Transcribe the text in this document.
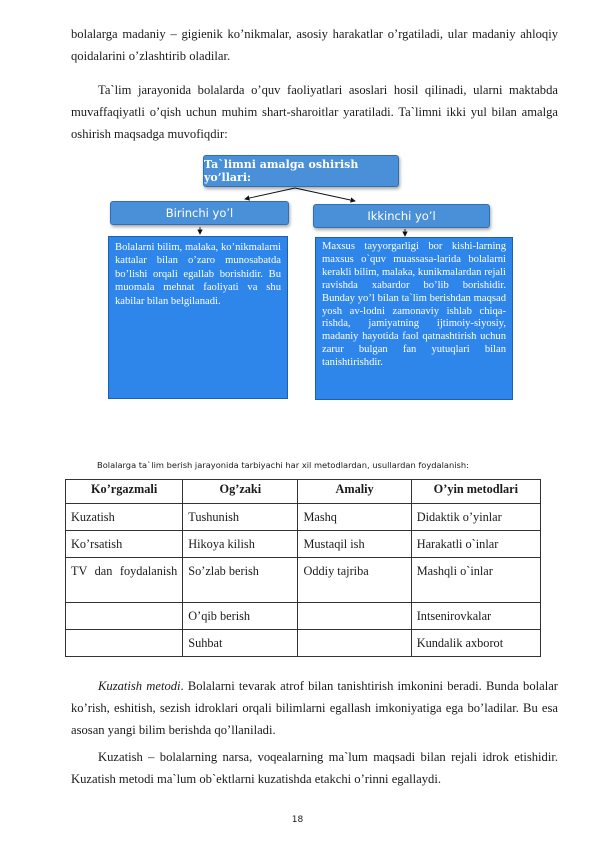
bolalarga madaniy – gigienik ko’nikmalar, asosiy harakatlar o’rgatiladi, ular madaniy ahloqiy qoidalarini o’zlashtirib oladilar.

Ta`lim jarayonida bolalarda o’quv faoliyatlari asoslari hosil qilinadi, ularni maktabda muvaffaqiyatli o’qish uchun muhim shart-sharoitlar yaratiladi. Ta`limni ikki yul bilan amalga oshirish maqsadga muvofiqdir:

Ta`limni amalga oshirish yo’llari:
Birinchi yo’l	Ikkinchi yo’l
Bolalarni bilim, malaka, ko’nikmalarni kattalar bilan o’zaro munosabatda bo’lishi orqali egallab borishidir. Bu muomala mehnat faoliyati va shu kabilar bilan belgilanadi.
Maxsus tayyorgarligi bor kishi-larning maxsus o`quv muassasa-larida bolalarni kerakli bilim, malaka, kunikmalardan rejali ravishda xabardor bo’lib borishidir. Bunday yo’l bilan ta`lim berishdan maqsad yosh av-lodni zamonaviy ishlab chiqa-rishda, jamiyatning ijtimoiy-siyosiy, madaniy hayotida faol qatnashtirish uchun zarur bulgan fan yutuqlari bilan tanishtirishdir.
Bolalarga ta`lim berish jarayonida tarbiyachi har xil metodlardan, usullardan foydalanish:
Ko’rgazmali	Og’zaki	Amaliy	O’yin metodlari
Kuzatish	Tushunish	Mashq	Didaktik o’yinlar
Ko’rsatish	Hikoya kilish	Mustaqil ish	Harakatli o`inlar
TV dan foydalanish	So’zlab berish	Oddiy tajriba	Mashqli o`inlar
	O’qib berish		Intsenirovkalar
	Suhbat		Kundalik axborot

Kuzatish metodi. Bolalarni tevarak atrof bilan tanishtirish imkonini beradi. Bunda bolalar ko’rish, eshitish, sezish idroklari orqali bilimlarni egallash imkoniyatiga ega bo’ladilar. Bu esa asosan yangi bilim berishda qo’llaniladi.

Kuzatish – bolalarning narsa, voqealarning ma`lum maqsadi bilan rejali idrok etishidir. Kuzatish metodi ma`lum ob`ektlarni kuzatishda etakchi o’rinni egallaydi.

18
